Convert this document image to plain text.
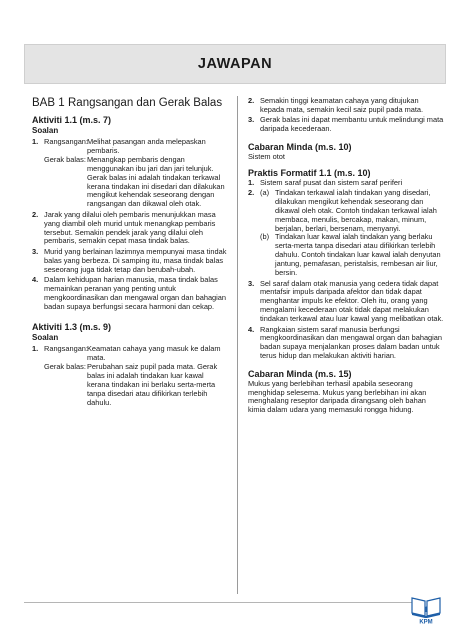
JAWAPAN
BAB 1 Rangsangan dan Gerak Balas
Aktiviti 1.1 (m.s. 7)
Soalan
1. Rangsangan: Melihat pasangan anda melepaskan pembaris.
Gerak balas: Menangkap pembaris dengan menggunakan ibu jari dan jari telunjuk. Gerak balas ini adalah tindakan terkawal kerana tindakan ini disedari dan dilakukan mengikut kehendak seseorang dengan rangsangan dan dikawal oleh otak.
2. Jarak yang dilalui oleh pembaris menunjukkan masa yang diambil oleh murid untuk menangkap pembaris tersebut. Semakin pendek jarak yang dilalui oleh pembaris, semakin cepat masa tindak balas.
3. Murid yang berlainan lazimnya mempunyai masa tindak balas yang berbeza. Di samping itu, masa tindak balas seseorang juga tidak tetap dan berubah-ubah.
4. Dalam kehidupan harian manusia, masa tindak balas memainkan peranan yang penting untuk mengkoordinasikan dan mengawal organ dan bahagian badan supaya berfungsi secara harmoni dan cekap.
Aktiviti 1.3 (m.s. 9)
Soalan
1. Rangsangan: Keamatan cahaya yang masuk ke dalam mata.
Gerak balas: Perubahan saiz pupil pada mata. Gerak balas ini adalah tindakan luar kawal kerana tindakan ini berlaku serta-merta tanpa disedari atau difikirkan terlebih dahulu.
2. Semakin tinggi keamatan cahaya yang ditujukan kepada mata, semakin kecil saiz pupil pada mata.
3. Gerak balas ini dapat membantu untuk melindungi mata daripada kecederaan.
Cabaran Minda (m.s. 10)
Sistem otot
Praktis Formatif 1.1 (m.s. 10)
1. Sistem saraf pusat dan sistem saraf periferi
2. (a) Tindakan terkawal ialah tindakan yang disedari, dilakukan mengikut kehendak seseorang dan dikawal oleh otak. Contoh tindakan terkawal ialah membaca, menulis, bercakap, makan, minum, berjalan, berlari, bersenam, menyanyi.
(b) Tindakan luar kawal ialah tindakan yang berlaku serta-merta tanpa disedari atau difikirkan terlebih dahulu. Contoh tindakan luar kawal ialah denyutan jantung, pemafasan, peristalsis, rembesan air liur, bersin.
3. Sel saraf dalam otak manusia yang cedera tidak dapat mentafsir impuls daripada afektor dan tidak dapat menghantar impuls ke efektor. Oleh itu, orang yang mengalami kecederaan otak tidak dapat melakukan tindakan terkawal atau luar kawal yang melibatkan otak.
4. Rangkaian sistem saraf manusia berfungsi mengkoordinasikan dan mengawal organ dan bahagian badan supaya menjalankan proses dalam badan untuk terus hidup dan melakukan aktiviti harian.
Cabaran Minda (m.s. 15)
Mukus yang berlebihan terhasil apabila seseorang menghidap selesema. Mukus yang berlebihan ini akan menghalang reseptor daripada dirangsang oleh bahan kimia dalam udara yang memasuki rongga hidung.
1
KPM
